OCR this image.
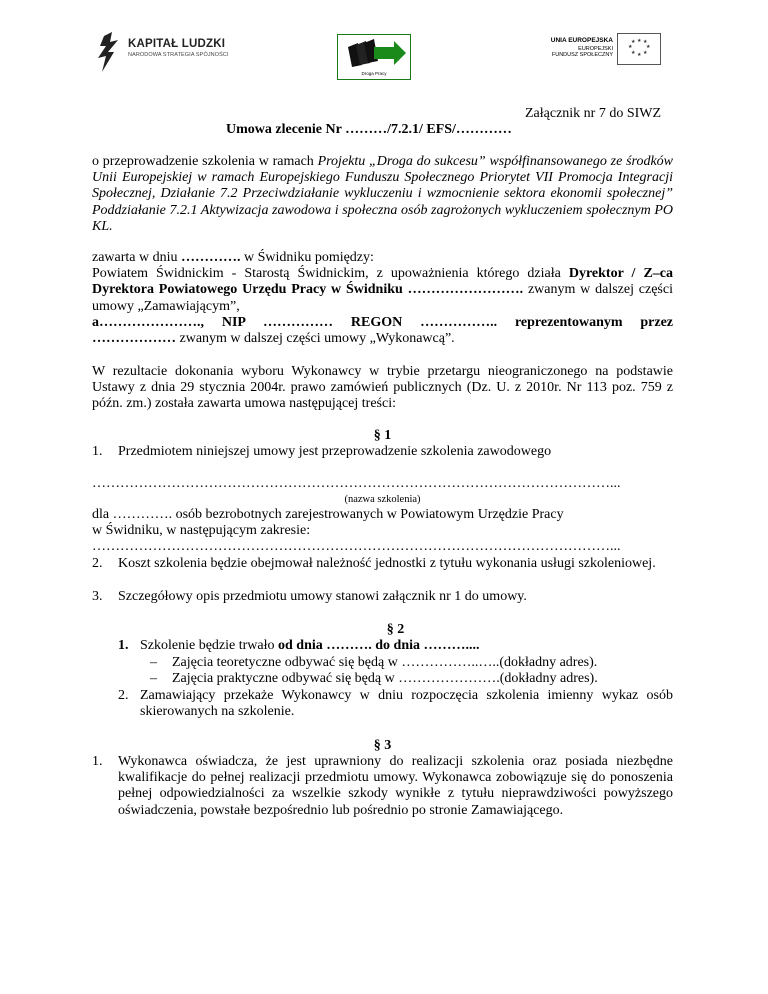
KAPITAŁ LUDZKI
NARODOWA STRATEGIA SPÓJNOŚCI
Droga Pracy
UNIA EUROPEJSKA
EUROPEJSKI
FUNDUSZ SPOŁECZNY
★ ★
★
★
★
★
★
★
Załącznik nr 7 do SIWZ
Umowa zlecenie Nr ………/7.2.1/ EFS/…………
o przeprowadzenie szkolenia w ramach Projektu „Droga do sukcesu” współfinansowanego ze środków Unii Europejskiej w ramach Europejskiego Funduszu Społecznego Priorytet VII Promocja Integracji Społecznej, Działanie 7.2 Przeciwdziałanie wykluczeniu i wzmocnienie sektora ekonomii społecznej” Poddziałanie 7.2.1 Aktywizacja zawodowa i społeczna osób zagrożonych wykluczeniem społecznym PO KL.
zawarta w dniu …………. w Świdniku pomiędzy:
Powiatem Świdnickim - Starostą Świdnickim, z upoważnienia którego działa Dyrektor / Z–ca Dyrektora Powiatowego Urzędu Pracy w Świdniku ……………………. zwanym w dalszej części umowy „Zamawiającym”,
a…………………., NIP …………… REGON …………….. reprezentowanym przez ……………… zwanym w dalszej części umowy „Wykonawcą”.
W rezultacie dokonania wyboru Wykonawcy w trybie przetargu nieograniczonego na podstawie Ustawy z dnia 29 stycznia 2004r. prawo zamówień publicznych (Dz. U. z 2010r. Nr 113 poz. 759 z późn. zm.) została zawarta umowa następującej treści:
§ 1
1. Przedmiotem niniejszej umowy jest przeprowadzenie szkolenia zawodowego
…………………………………………………………………………………………………...
(nazwa szkolenia)
dla …………. osób bezrobotnych zarejestrowanych w Powiatowym Urzędzie Pracy
w Świdniku, w następującym zakresie:
…………………………………………………………………………………………………...
2. Koszt szkolenia będzie obejmował należność jednostki z tytułu wykonania usługi szkoleniowej.
3. Szczegółowy opis przedmiotu umowy stanowi załącznik nr 1 do umowy.
§ 2
1. Szkolenie będzie trwało od dnia ………. do dnia ………....
– Zajęcia teoretyczne odbywać się będą w ……………..…..(dokładny adres).
– Zajęcia praktyczne odbywać się będą w ………………….(dokładny adres).
2. Zamawiający przekaże Wykonawcy w dniu rozpoczęcia szkolenia imienny wykaz osób skierowanych na szkolenie.
§ 3
1. Wykonawca oświadcza, że jest uprawniony do realizacji szkolenia oraz posiada niezbędne kwalifikacje do pełnej realizacji przedmiotu umowy. Wykonawca zobowiązuje się do ponoszenia pełnej odpowiedzialności za wszelkie szkody wynikłe z tytułu nieprawdziwości powyższego oświadczenia, powstałe bezpośrednio lub pośrednio po stronie Zamawiającego.
